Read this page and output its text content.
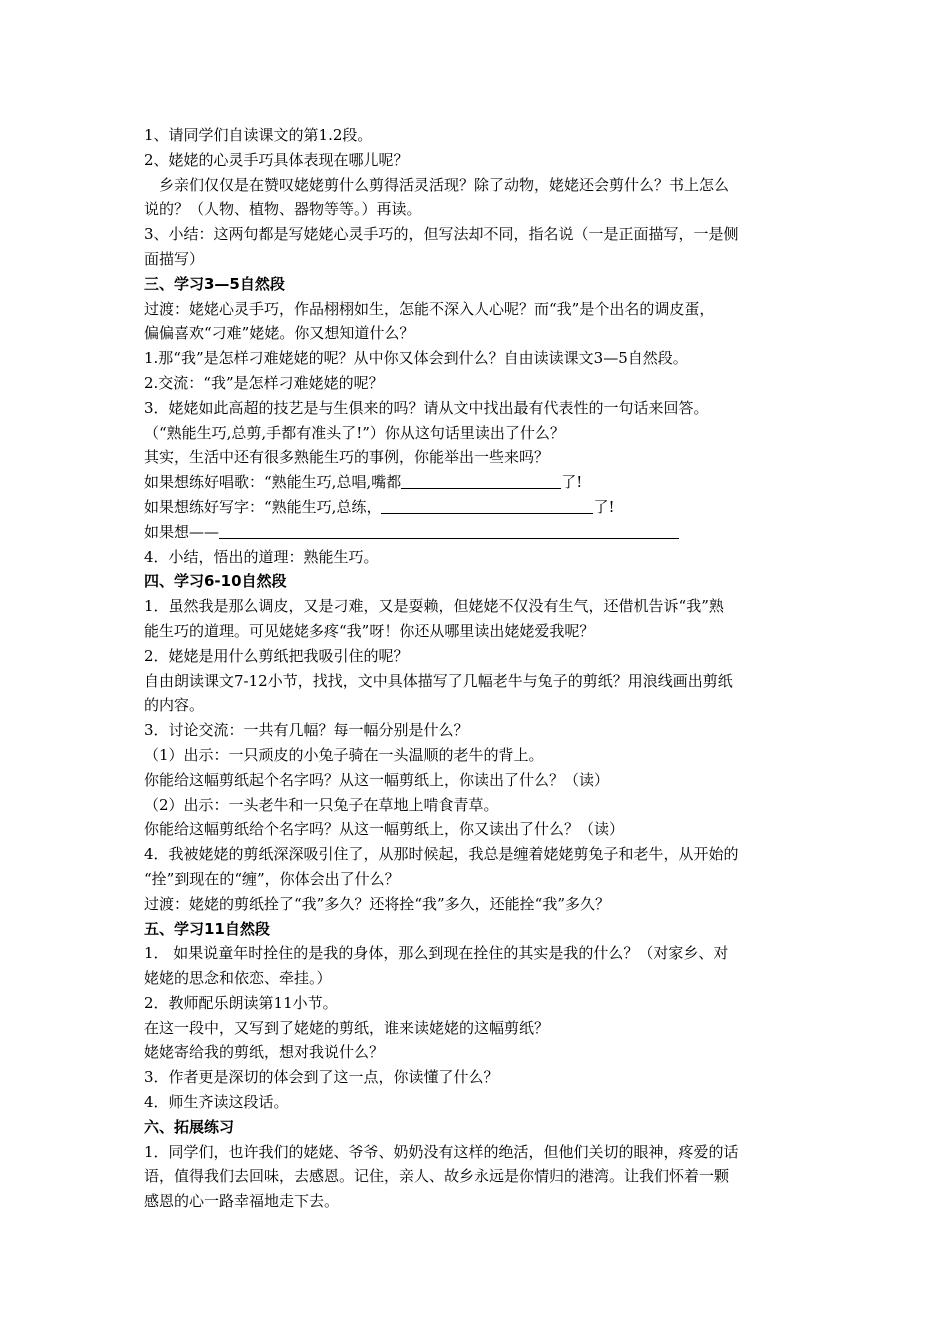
1、请同学们自读课文的第1.2段。
2、姥姥的心灵手巧具体表现在哪儿呢？
乡亲们仅仅是在赞叹姥姥剪什么剪得活灵活现？除了动物，姥姥还会剪什么？书上怎么
说的？（人物、植物、器物等等。）再读。
3、小结：这两句都是写姥姥心灵手巧的，但写法却不同，指名说（一是正面描写，一是侧
面描写）
三、学习3—5自然段
过渡：姥姥心灵手巧，作品栩栩如生，怎能不深入人心呢？而“我”是个出名的调皮蛋，
偏偏喜欢“刁难”姥姥。你又想知道什么？
1.那“我”是怎样刁难姥姥的呢？从中你又体会到什么？自由读读课文3—5自然段。
2.交流：“我”是怎样刁难姥姥的呢？
3．姥姥如此高超的技艺是与生俱来的吗？请从文中找出最有代表性的一句话来回答。
（“熟能生巧,总剪,手都有准头了!”）你从这句话里读出了什么？
其实，生活中还有很多熟能生巧的事例，你能举出一些来吗？
如果想练好唱歌：“熟能生巧,总唱,嘴都	了!
如果想练好写字：“熟能生巧,总练，	了!
如果想——
4．小结，悟出的道理：熟能生巧。
四、学习6-10自然段
1．虽然我是那么调皮，又是刁难，又是耍赖，但姥姥不仅没有生气，还借机告诉“我”熟
能生巧的道理。可见姥姥多疼“我”呀！你还从哪里读出姥姥爱我呢？
2．姥姥是用什么剪纸把我吸引住的呢？
自由朗读课文7-12小节，找找，文中具体描写了几幅老牛与兔子的剪纸？用浪线画出剪纸
的内容。
3．讨论交流：一共有几幅？每一幅分别是什么？
（1）出示：一只顽皮的小兔子骑在一头温顺的老牛的背上。
你能给这幅剪纸起个名字吗？从这一幅剪纸上，你读出了什么？（读）
（2）出示：一头老牛和一只兔子在草地上啃食青草。
你能给这幅剪纸给个名字吗？从这一幅剪纸上，你又读出了什么？（读）
4．我被姥姥的剪纸深深吸引住了，从那时候起，我总是缠着姥姥剪兔子和老牛，从开始的
“拴”到现在的“缠”，你体会出了什么？
过渡：姥姥的剪纸拴了“我”多久？还将拴“我”多久，还能拴“我”多久？
五、学习11自然段
1． 如果说童年时拴住的是我的身体，那么到现在拴住的其实是我的什么？（对家乡、对
姥姥的思念和依恋、牵挂。）
2．教师配乐朗读第11小节。
在这一段中，又写到了姥姥的剪纸，谁来读姥姥的这幅剪纸？
姥姥寄给我的剪纸，想对我说什么？
3．作者更是深切的体会到了这一点，你读懂了什么？
4．师生齐读这段话。
六、拓展练习
1．同学们，也许我们的姥姥、爷爷、奶奶没有这样的绝活，但他们关切的眼神，疼爱的话
语，值得我们去回味，去感恩。记住，亲人、故乡永远是你情归的港湾。让我们怀着一颗
感恩的心一路幸福地走下去。
